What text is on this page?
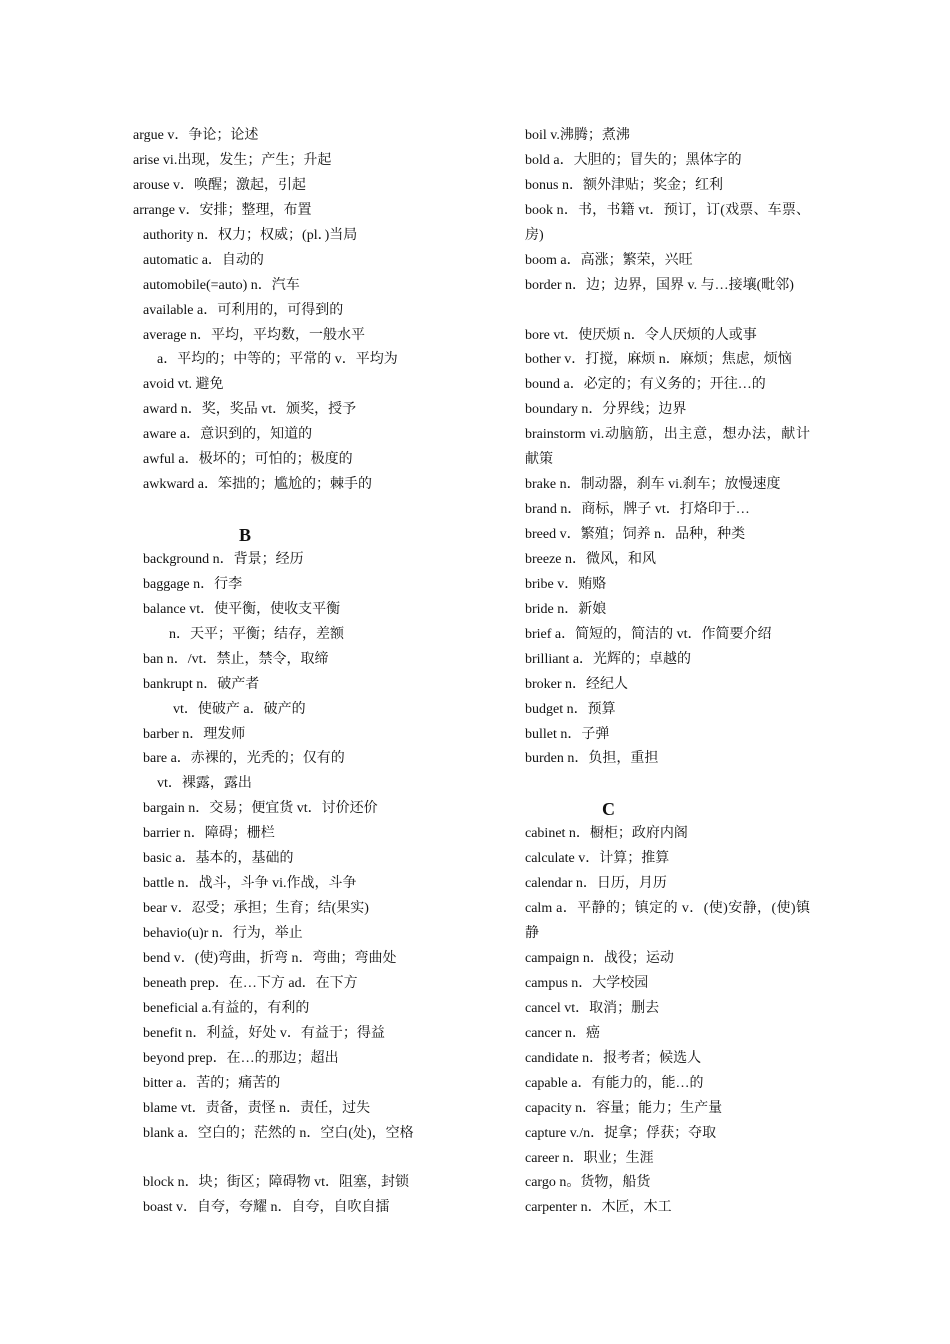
argue v．争论；论述
arise vi.出现，发生；产生；升起
arouse v．唤醒；激起，引起
arrange v．安排；整理，布置
authority n．权力；权威；(pl．)当局
automatic a．自动的
automobile(=auto) n．汽车
available a．可利用的，可得到的
average n．平均，平均数，一般水平
a．平均的；中等的；平常的 v．平均为
avoid vt. 避免
award n．奖，奖品 vt．颁奖，授予
aware a．意识到的，知道的
awful a．极坏的；可怕的；极度的
awkward a．笨拙的；尴尬的；棘手的
B
background n．背景；经历
baggage n．行李
balance vt．使平衡，使收支平衡
n．天平；平衡；结存，差额
ban n．/vt．禁止，禁令，取缔
bankrupt n．破产者
vt．使破产 a．破产的
barber n．理发师
bare a．赤裸的，光秃的；仅有的
vt．裸露，露出
bargain n．交易；便宜货 vt．讨价还价
barrier n．障碍；栅栏
basic a．基本的，基础的
battle n．战斗，斗争 vi.作战，斗争
bear v．忍受；承担；生育；结(果实)
behavio(u)r n．行为，举止
bend v．(使)弯曲，折弯 n．弯曲；弯曲处
beneath prep．在…下方 ad．在下方
beneficial a.有益的，有利的
benefit n．利益，好处 v．有益于；得益
beyond prep．在…的那边；超出
bitter a．苦的；痛苦的
blame vt．责备，责怪 n．责任，过失
blank a．空白的；茫然的 n．空白(处)，空格
block n．块；街区；障碍物 vt．阻塞，封锁
boast v．自夸，夸耀 n．自夸，自吹自擂
boil v.沸腾；煮沸
bold a．大胆的；冒失的；黑体字的
bonus n．额外津贴；奖金；红利
book n．书，书籍 vt．预订，订(戏票、车票、房)
boom a．高涨；繁荣，兴旺
border n．边；边界，国界 v. 与…接壤(毗邻)
bore vt．使厌烦 n．令人厌烦的人或事
bother v．打搅，麻烦 n．麻烦；焦虑，烦恼
bound a．必定的；有义务的；开往…的
boundary n．分界线；边界
brainstorm vi.动脑筋，出主意，想办法，献计献策
brake n．制动器，刹车 vi.刹车；放慢速度
brand n．商标，牌子 vt．打烙印于…
breed v．繁殖；饲养 n．品种，种类
breeze n．微风，和风
bribe v．贿赂
bride n．新娘
brief a．简短的，简洁的 vt．作简要介绍
brilliant a．光辉的；卓越的
broker n．经纪人
budget n．预算
bullet n．子弹
burden n．负担，重担
C
cabinet n．橱柜；政府内阁
calculate v．计算；推算
calendar n．日历，月历
calm a．平静的；镇定的 v．(使)安静，(使)镇静
campaign n．战役；运动
campus n．大学校园
cancel vt．取消；删去
cancer n．癌
candidate n．报考者；候选人
capable a．有能力的，能…的
capacity n．容量；能力；生产量
capture v./n．捉拿；俘获；夺取
career n．职业；生涯
cargo n。货物，船货
carpenter n．木匠，木工
